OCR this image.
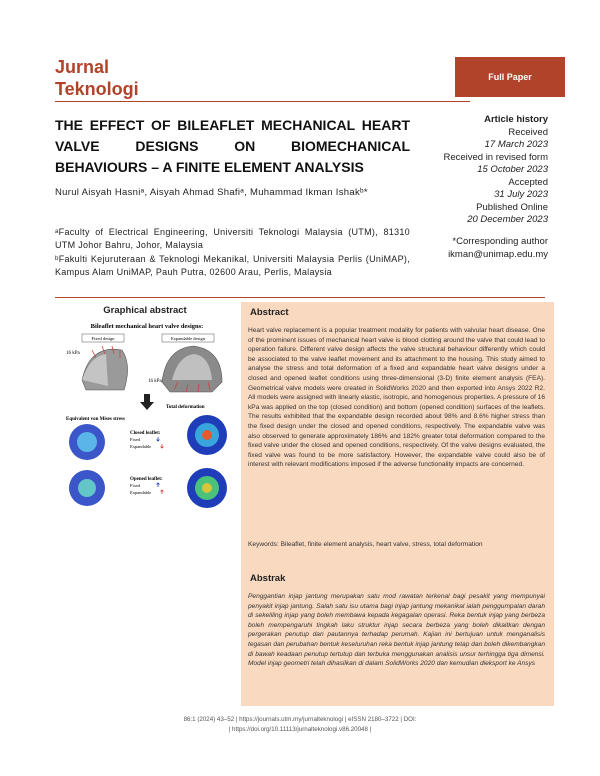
Jurnal
Teknologi
Full Paper
THE EFFECT OF BILEAFLET MECHANICAL HEART
VALVE DESIGNS ON BIOMECHANICAL
BEHAVIOURS – A FINITE ELEMENT ANALYSIS
Article history
Received
17 March 2023
Received in revised form
15 October 2023
Accepted
31 July 2023
Published Online
20 December 2023
Nurul Aisyah Hasniᵃ, Aisyah Ahmad Shafiᵃ, Muhammad Ikman Ishakᵇ*

ᵃFaculty of Electrical Engineering, Universiti Teknologi Malaysia (UTM), 81310 UTM Johor Bahru, Johor, Malaysia

ᵇFakulti Kejuruteraan & Teknologi Mekanikal, Universiti Malaysia Perlis (UniMAP), Kampus Alam UniMAP, Pauh Putra, 02600 Arau, Perlis, Malaysia

*Corresponding author
ikman@unimap.edu.my
Graphical abstract
Bileaflet mechanical heart valve designs:
Fixed design
16 kPa
Expandable design
16 kPa
Equivalent von Mises stress
Total deformation
Closed leaflet:
Fixed
Expandable
Opened leaflet:
Fixed
Expandable
Abstract
Heart valve replacement is a popular treatment modality for patients with valvular heart disease. One of the prominent issues of mechanical heart valve is blood clotting around the valve that could lead to operation failure. Different valve design affects the valve structural behaviour differently which could be associated to the valve leaflet movement and its attachment to the housing. This study aimed to analyse the stress and total deformation of a fixed and expandable heart valve designs under a closed and opened leaflet conditions using three-dimensional (3-D) finite element analysis (FEA). Geometrical valve models were created in SolidWorks 2020 and then exported into Ansys 2022 R2. All models were assigned with linearly elastic, isotropic, and homogenous properties. A pressure of 16 kPa was applied on the top (closed condition) and bottom (opened condition) surfaces of the leaflets. The results exhibited that the expandable design recorded about 98% and 8.6% higher stress than the fixed design under the closed and opened conditions, respectively. The expandable valve was also observed to generate approximately 186% and 182% greater total deformation compared to the fixed valve under the closed and opened conditions, respectively. Of the valve designs evaluated, the fixed valve was found to be more satisfactory. However, the expandable valve could also be of interest with relevant modifications imposed if the adverse functionality impacts are concerned.
Keywords: Bileaflet, finite element analysis, heart valve, stress, total deformation
Abstrak
Penggantian injap jantung merupakan satu mod rawatan terkenal bagi pesakit yang mempunyai penyakit injap jantung. Salah satu isu utama bagi injap jantung mekanikal ialah penggumpalan darah di sekeliling injap yang boleh membawa kepada kegagalan operasi. Reka bentuk injap yang berbeza boleh mempengaruhi tingkah laku struktur injap secara berbeza yang boleh dikaitkan dengan pergerakan penutup dan pautannya terhadap perumah. Kajian ini bertujuan untuk menganalisis tegasan dan perubahan bentuk keseluruhan reka bentuk injap jantung tetap dan boleh dikembangkan di bawah keadaan penutup tertutup dan terbuka menggunakan analisis unsur terhingga tiga dimensi. Model injap geometri telah dihasilkan di dalam SolidWorks 2020 dan kemudian dieksport ke Ansys
86:1 (2024) 43–52 | https://journals.utm.my/jurnalteknologi | eISSN 2180–3722 | DOI:
| https://doi.org/10.11113/jurnalteknologi.v86.20048 |
